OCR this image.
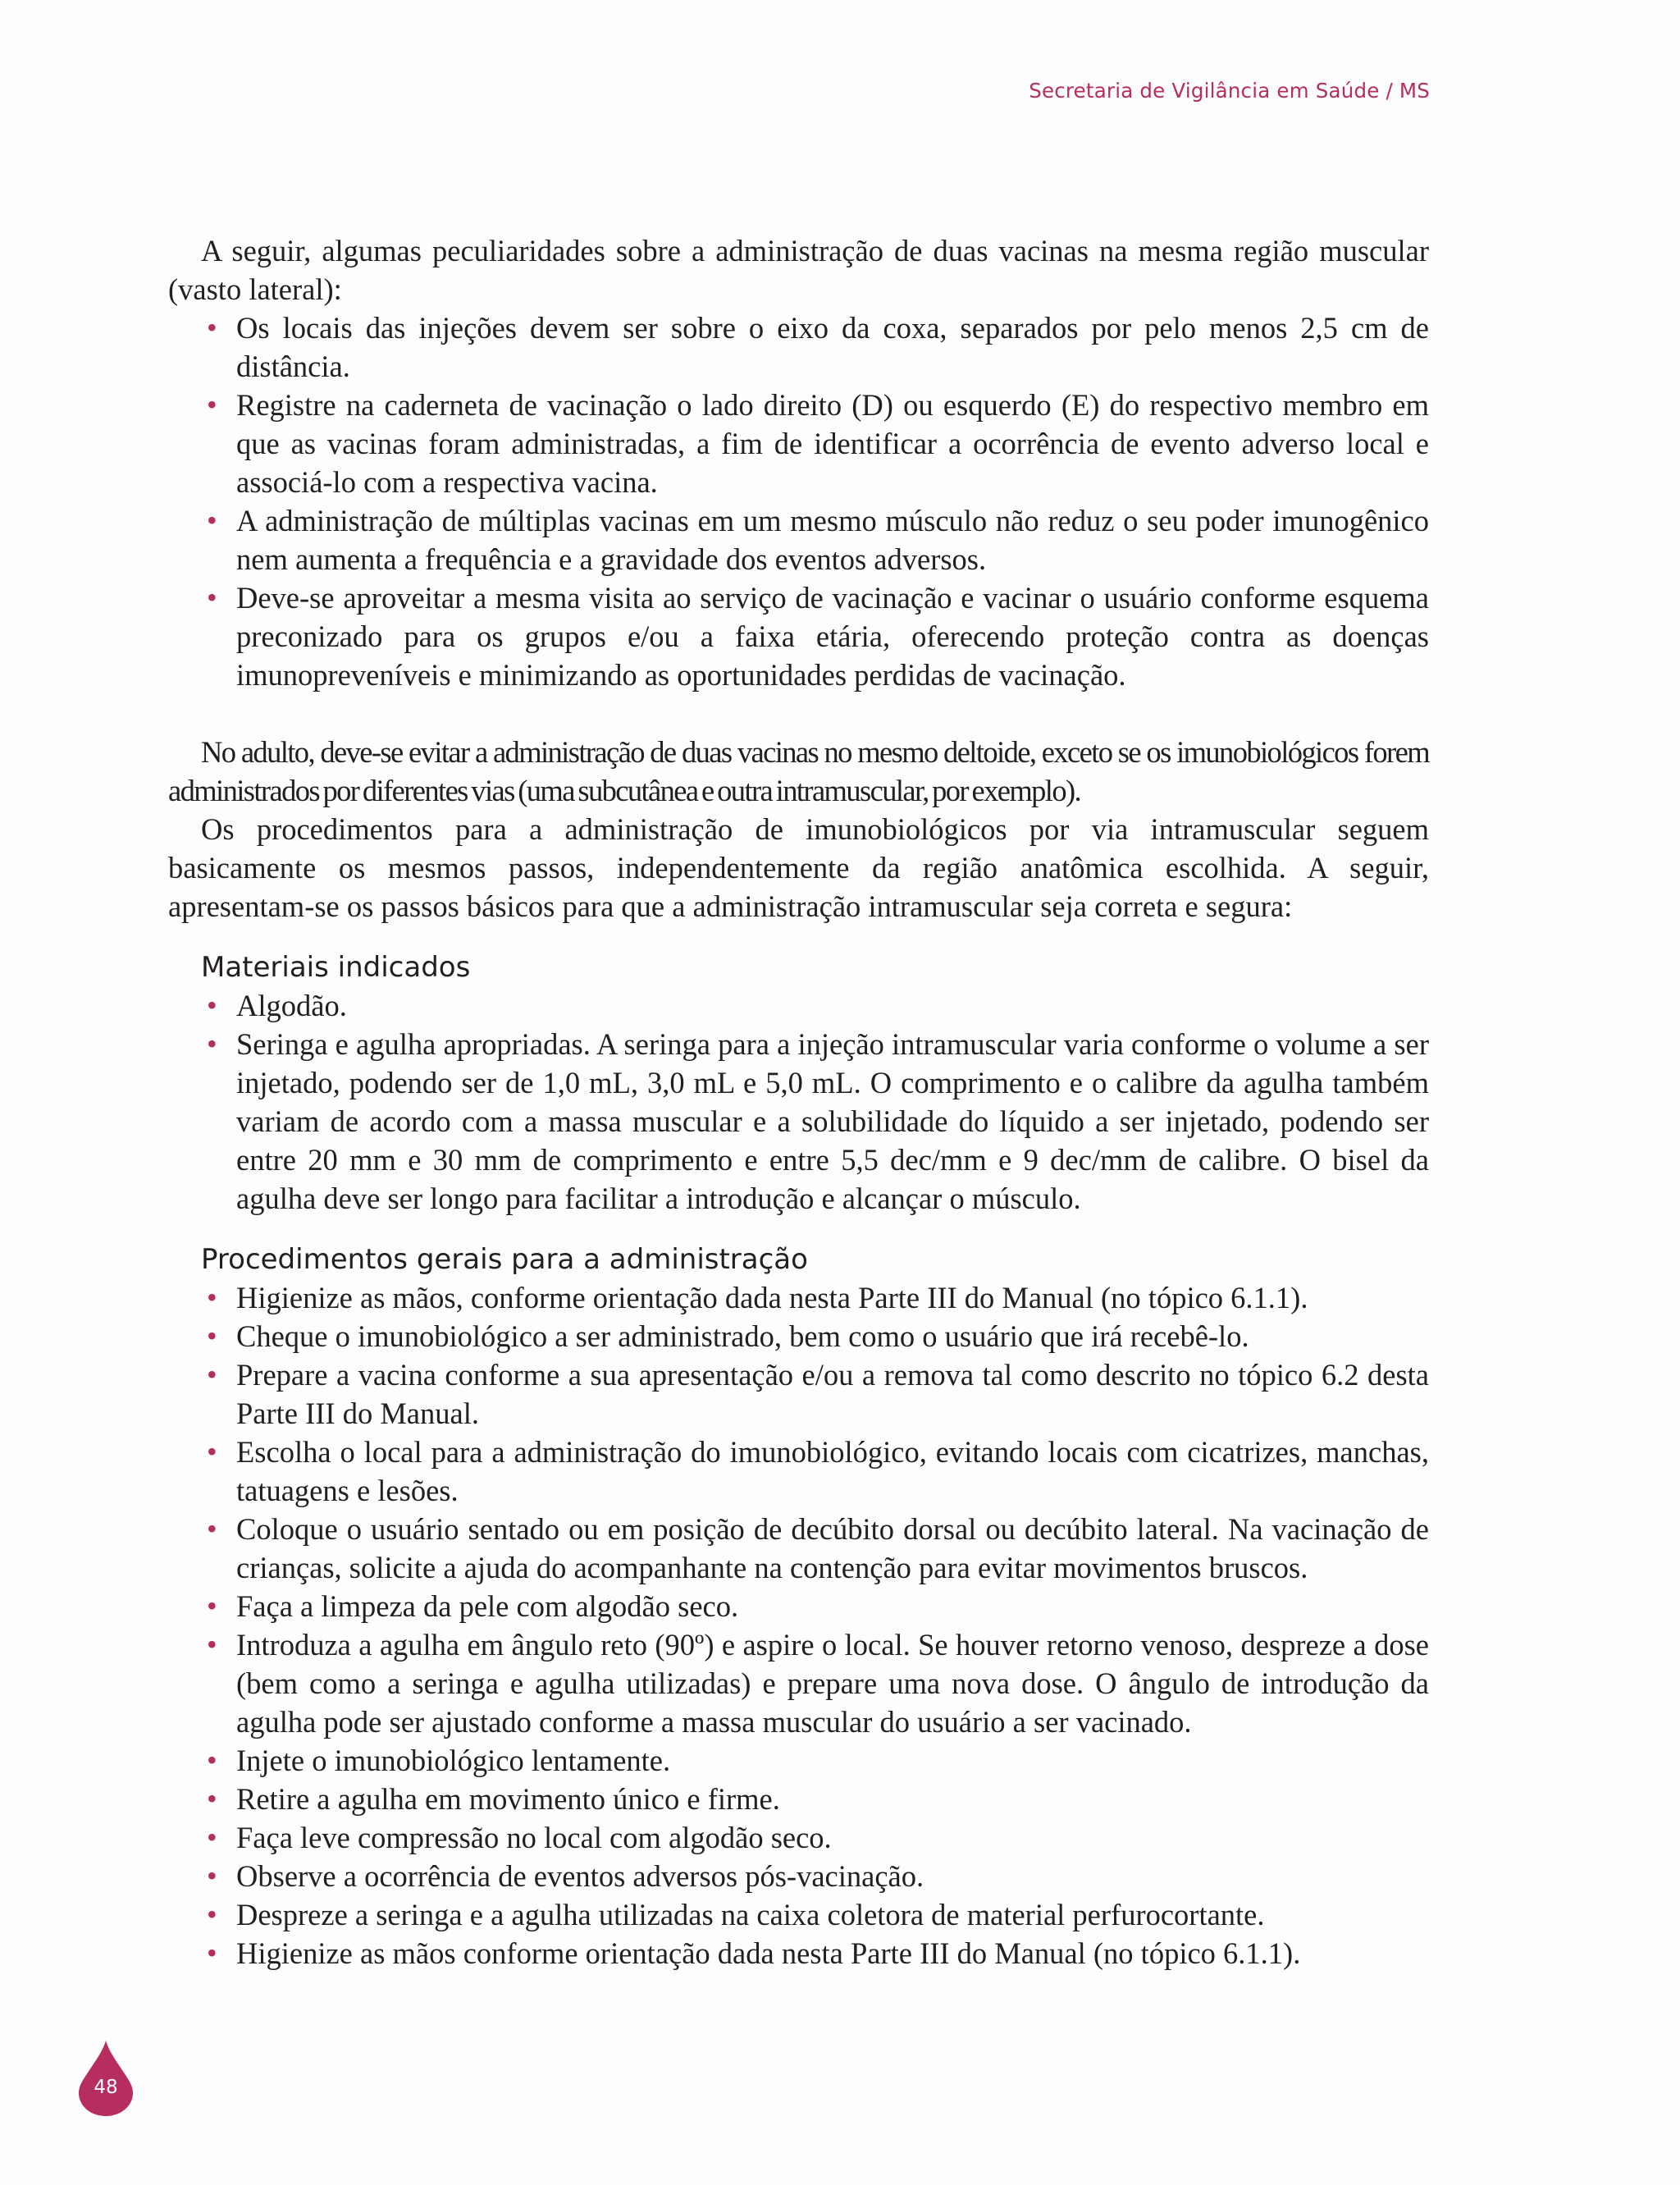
Secretaria de Vigilância em Saúde / MS

A seguir, algumas peculiaridades sobre a administração de duas vacinas na mesma região muscular (vasto lateral):

• Os locais das injeções devem ser sobre o eixo da coxa, separados por pelo menos 2,5 cm de distância.
• Registre na caderneta de vacinação o lado direito (D) ou esquerdo (E) do respectivo membro em que as vacinas foram administradas, a fim de identificar a ocorrência de evento adverso local e associá-lo com a respectiva vacina.
• A administração de múltiplas vacinas em um mesmo músculo não reduz o seu poder imunogênico nem aumenta a frequência e a gravidade dos eventos adversos.
• Deve-se aproveitar a mesma visita ao serviço de vacinação e vacinar o usuário conforme esquema preconizado para os grupos e/ou a faixa etária, oferecendo proteção contra as doenças imunopreveníveis e minimizando as oportunidades perdidas de vacinação.

No adulto, deve-se evitar a administração de duas vacinas no mesmo deltoide, exceto se os imunobiológicos forem administrados por diferentes vias (uma subcutânea e outra intramuscular, por exemplo).

Os procedimentos para a administração de imunobiológicos por via intramuscular seguem basicamente os mesmos passos, independentemente da região anatômica escolhida. A seguir, apresentam-se os passos básicos para que a administração intramuscular seja correta e segura:

Materiais indicados
• Algodão.
• Seringa e agulha apropriadas. A seringa para a injeção intramuscular varia conforme o volume a ser injetado, podendo ser de 1,0 mL, 3,0 mL e 5,0 mL. O comprimento e o calibre da agulha também variam de acordo com a massa muscular e a solubilidade do líquido a ser injetado, podendo ser entre 20 mm e 30 mm de comprimento e entre 5,5 dec/mm e 9 dec/mm de calibre. O bisel da agulha deve ser longo para facilitar a introdução e alcançar o músculo.
Procedimentos gerais para a administração
• Higienize as mãos, conforme orientação dada nesta Parte III do Manual (no tópico 6.1.1).
• Cheque o imunobiológico a ser administrado, bem como o usuário que irá recebê-lo.
• Prepare a vacina conforme a sua apresentação e/ou a remova tal como descrito no tópico 6.2 desta Parte III do Manual.
• Escolha o local para a administração do imunobiológico, evitando locais com cicatrizes, manchas, tatuagens e lesões.
• Coloque o usuário sentado ou em posição de decúbito dorsal ou decúbito lateral. Na vacinação de crianças, solicite a ajuda do acompanhante na contenção para evitar movimentos bruscos.
• Faça a limpeza da pele com algodão seco.
• Introduza a agulha em ângulo reto (90º) e aspire o local. Se houver retorno venoso, despreze a dose (bem como a seringa e agulha utilizadas) e prepare uma nova dose. O ângulo de introdução da agulha pode ser ajustado conforme a massa muscular do usuário a ser vacinado.
• Injete o imunobiológico lentamente.
• Retire a agulha em movimento único e firme.
• Faça leve compressão no local com algodão seco.
• Observe a ocorrência de eventos adversos pós-vacinação.
• Despreze a seringa e a agulha utilizadas na caixa coletora de material perfurocortante.
• Higienize as mãos conforme orientação dada nesta Parte III do Manual (no tópico 6.1.1).
48
